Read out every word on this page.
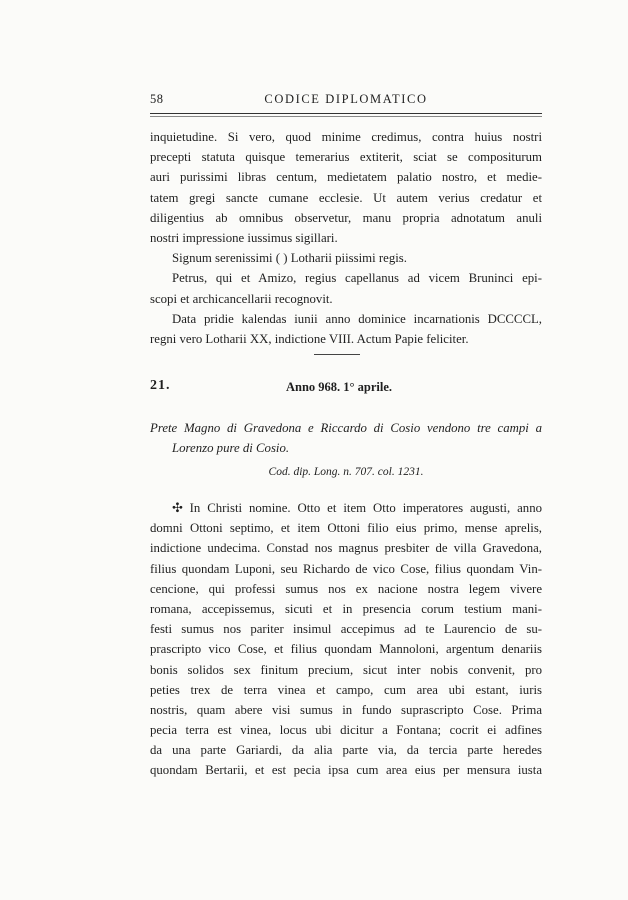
58	CODICE DIPLOMATICO
inquietudine. Si vero, quod minime credimus, contra huius nostri
precepti statuta quisque temerarius extiterit, sciat se compositurum
auri purissimi libras centum, medietatem palatio nostro, et medie-
tatem gregi sancte cumane ecclesie. Ut autem verius credatur et
diligentius ab omnibus observetur, manu propria adnotatum anuli
nostri impressione iussimus sigillari.
Signum serenissimi ( ) Lotharii piissimi regis.
Petrus, qui et Amizo, regius capellanus ad vicem Bruninci epi-
scopi et archicancellarii recognovit.
Data pridie kalendas iunii anno dominice incarnationis DCCCCL,
regni vero Lotharii XX, indictione VIII. Actum Papie feliciter.
21.	Anno 968. 1° aprile.
Prete Magno di Gravedona e Riccardo di Cosio vendono tre campi a
Lorenzo pure di Cosio.
Cod. dip. Long. n. 707. col. 1231.
✣ In Christi nomine. Otto et item Otto imperatores augusti, anno
domni Ottoni septimo, et item Ottoni filio eius primo, mense aprelis,
indictione undecima. Constad nos magnus presbiter de villa Gravedona,
filius quondam Luponi, seu Richardo de vico Cose, filius quondam Vin-
cencione, qui professi sumus nos ex nacione nostra legem vivere
romana, accepissemus, sicuti et in presencia corum testium mani-
festi sumus nos pariter insimul accepimus ad te Laurencio de su-
prascripto vico Cose, et filius quondam Mannoloni, argentum denariis
bonis solidos sex finitum precium, sicut inter nobis convenit, pro
peties trex de terra vinea et campo, cum area ubi estant, iuris
nostris, quam abere visi sumus in fundo suprascripto Cose. Prima
pecia terra est vinea, locus ubi dicitur a Fontana; cocrit ei adfines
da una parte Gariardi, da alia parte via, da tercia parte heredes
quondam Bertarii, et est pecia ipsa cum area eius per mensura iusta
